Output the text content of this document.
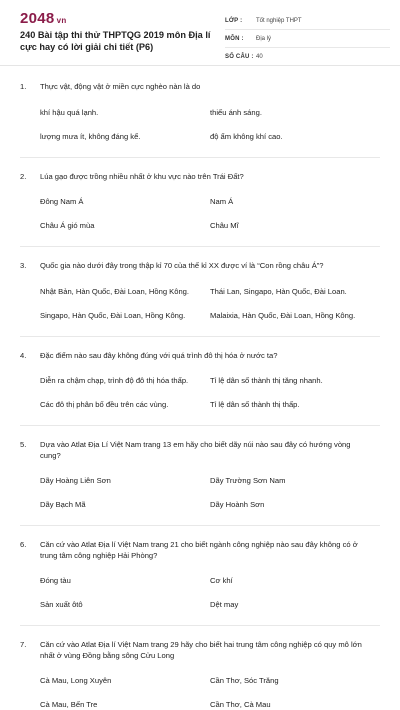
2048 vn
240 Bài tập thi thử THPTQG 2019 môn Địa lí cực hay có lời giải chi tiết (P6)
LỚP :	Tốt nghiệp THPT
MÔN :	Địa lý
SỐ CÂU : 40
1. Thực vật, động vật ở miền cực nghèo nàn là do
khí hậu quá lạnh.	thiếu ánh sáng.
lượng mưa ít, không đáng kể.	độ ẩm không khí cao.
2. Lúa gạo được trồng nhiều nhất ở khu vực nào trên Trái Đất?
Đông Nam Á	Nam Á
Châu Á gió mùa	Châu Mĩ
3. Quốc gia nào dưới đây trong thập kỉ 70 của thế kỉ XX được ví là “Con rồng châu Á”?
Nhật Bản, Hàn Quốc, Đài Loan, Hồng Kông.	Thái Lan, Singapo, Hàn Quốc, Đài Loan.
Singapo, Hàn Quốc, Đài Loan, Hồng Kông.	Malaixia, Hàn Quốc, Đài Loan, Hồng Kông.
4. Đặc điểm nào sau đây không đúng với quá trình đô thị hóa ở nước ta?
Diễn ra chậm chạp, trình độ đô thị hóa thấp.	Tỉ lệ dân số thành thị tăng nhanh.
Các đô thị phân bố đều trên các vùng.	Tỉ lệ dân số thành thị thấp.
5. Dựa vào Atlat Địa Lí Việt Nam trang 13 em hãy cho biết dãy núi nào sau đây có hướng vòng cung?
Dãy Hoàng Liên Sơn	Dãy Trường Sơn Nam
Dãy Bạch Mã	Dãy Hoành Sơn
6. Căn cứ vào Atlat Địa lí Việt Nam trang 21 cho biết ngành công nghiệp nào sau đây không có ở trung tâm công nghiệp Hải Phòng?
Đóng tàu	Cơ khí
Sản xuất ôtô	Dệt may
7. Căn cứ vào Atlat Địa lí Việt Nam trang 29 hãy cho biết hai trung tâm công nghiệp có quy mô lớn nhất ở vùng Đồng bằng sông Cửu Long
Cà Mau, Long Xuyên	Cần Thơ, Sóc Trăng
Cà Mau, Bến Tre	Cần Thơ, Cà Mau
